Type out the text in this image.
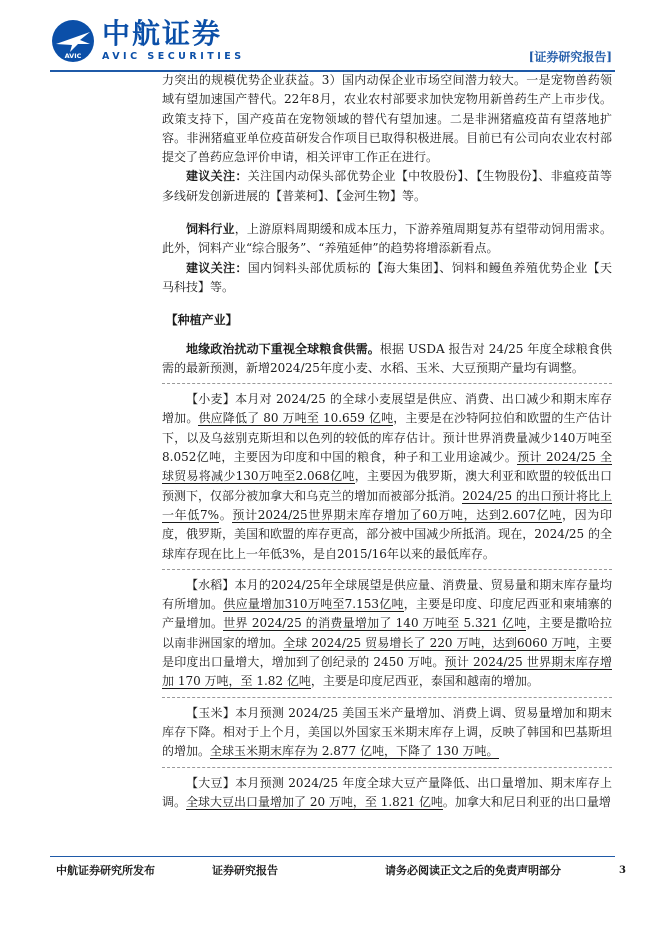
AVIC
中航证券
AVIC SECURITIES	[证券研究报告]

力突出的规模优势企业获益。3）国内动保企业市场空间潜力较大。一是宠物兽药领域有望加速国产替代。22年8月，农业农村部要求加快宠物用新兽药生产上市步伐。政策支持下，国产疫苗在宠物领域的替代有望加速。二是非洲猪瘟疫苗有望落地扩容。非洲猪瘟亚单位疫苗研发合作项目已取得积极进展。目前已有公司向农业农村部提交了兽药应急评价申请，相关评审工作正在进行。

建议关注：关注国内动保头部优势企业【中牧股份】、【生物股份】、非瘟疫苗等多线研发创新进展的【普莱柯】、【金河生物】等。

饲料行业，上游原料周期缓和成本压力，下游养殖周期复苏有望带动饲用需求。此外，饲料产业“综合服务”、“养殖延伸”的趋势将增添新看点。

建议关注：国内饲料头部优质标的【海大集团】、饲料和鳗鱼养殖优势企业【天马科技】等。

【种植产业】

地缘政治扰动下重视全球粮食供需。根据 USDA 报告对 24/25 年度全球粮食供需的最新预测，新增2024/25年度小麦、水稻、玉米、大豆预期产量均有调整。

【小麦】本月对 2024/25 的全球小麦展望是供应、消费、出口减少和期末库存增加。供应降低了 80 万吨至 10.659 亿吨，主要是在沙特阿拉伯和欧盟的生产估计下，以及乌兹别克斯坦和以色列的较低的库存估计。预计世界消费量减少140万吨至8.052亿吨，主要因为印度和中国的粮食，种子和工业用途减少。预计 2024/25 全球贸易将减少130万吨至2.068亿吨，主要因为俄罗斯，澳大利亚和欧盟的较低出口预测下，仅部分被加拿大和乌克兰的增加而被部分抵消。2024/25 的出口预计将比上一年低7%。预计2024/25世界期末库存增加了60万吨，达到2.607亿吨，因为印度，俄罗斯，美国和欧盟的库存更高，部分被中国减少所抵消。现在，2024/25 的全球库存现在比上一年低3%，是自2015/16年以来的最低库存。

【水稻】本月的2024/25年全球展望是供应量、消费量、贸易量和期末库存量均有所增加。供应量增加310万吨至7.153亿吨，主要是印度、印度尼西亚和柬埔寨的产量增加。世界 2024/25 的消费量增加了 140 万吨至 5.321 亿吨，主要是撒哈拉以南非洲国家的增加。全球 2024/25 贸易增长了 220 万吨，达到6060 万吨，主要是印度出口量增大，增加到了创纪录的 2450 万吨。预计 2024/25 世界期末库存增加 170 万吨，至 1.82 亿吨，主要是印度尼西亚，泰国和越南的增加。

【玉米】本月预测 2024/25 美国玉米产量增加、消费上调、贸易量增加和期末库存下降。相对于上个月，美国以外国家玉米期末库存上调，反映了韩国和巴基斯坦的增加。全球玉米期末库存为 2.877 亿吨，下降了 130 万吨。

【大豆】本月预测 2024/25 年度全球大豆产量降低、出口量增加、期末库存上调。全球大豆出口量增加了 20 万吨，至 1.821 亿吨。加拿大和尼日利亚的出口量增

中航证券研究所发布	证券研究报告	请务必阅读正文之后的免责声明部分	3
